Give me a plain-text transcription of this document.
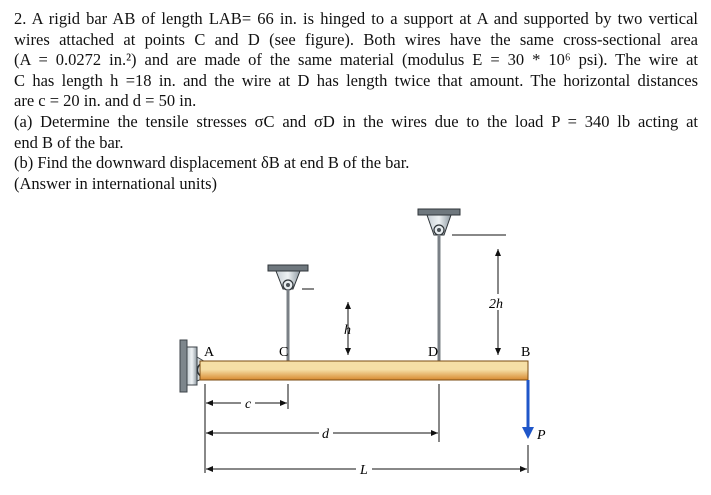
2. A rigid bar AB of length LAB= 66 in. is hinged to a support at A and supported by two vertical
wires attached at points C and D (see figure). Both wires have the same cross-sectional area
(A = 0.0272 in.²) and are made of the same material (modulus E = 30 * 10⁶ psi). The wire at
C has length h =18 in. and the wire at D has length twice that amount. The horizontal distances
are c = 20 in. and d = 50 in.
(a) Determine the tensile stresses σC and σD in the wires due to the load P = 340 lb acting at
end B of the bar.
(b) Find the downward displacement δB at end B of the bar.
(Answer in international units)
h
2h
A	C	D	B
P
c
d
L
